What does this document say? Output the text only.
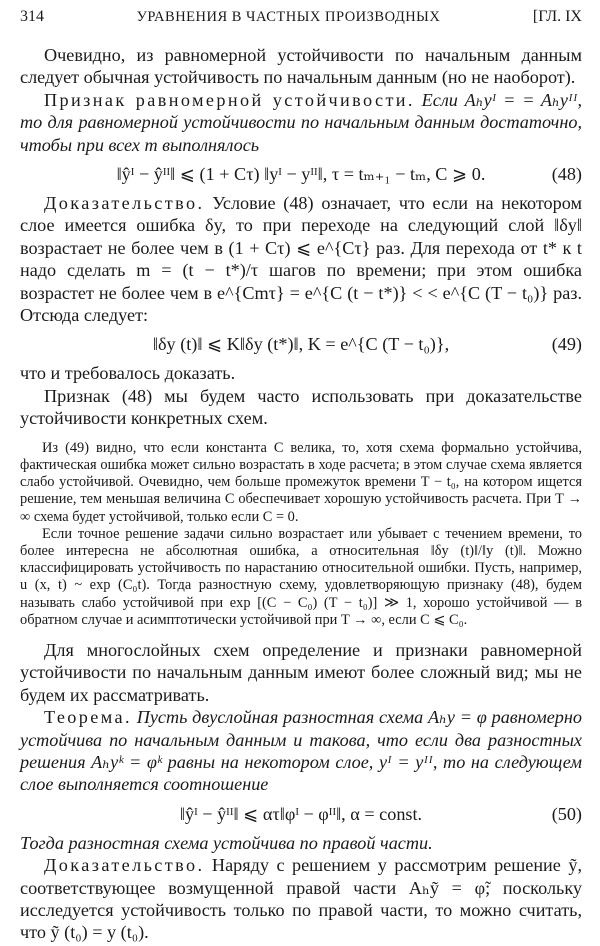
314	УРАВНЕНИЯ В ЧАСТНЫХ ПРОИЗВОДНЫХ	[ГЛ. IX

Очевидно, из равномерной устойчивости по начальным данным следует обычная устойчивость по начальным данным (но не наоборот).

Признак равномерной устойчивости. Если Aₕyᴵ = = Aₕyᴵᴵ, то для равномерной устойчивости по начальным данным достаточно, чтобы при всех m выполнялось

‖ŷᴵ − ŷᴵᴵ‖ ⩽ (1 + Cτ) ‖yᴵ − yᴵᴵ‖, τ = tₘ₊₁ − tₘ, C ⩾ 0.	(48)

Доказательство. Условие (48) означает, что если на некотором слое имеется ошибка δy, то при переходе на следующий слой ‖δy‖ возрастает не более чем в (1 + Cτ) ⩽ e^{Cτ} раз. Для перехода от t* к t надо сделать m = (t − t*)/τ шагов по времени; при этом ошибка возрастет не более чем в e^{Cmτ} = e^{C (t − t*)} < < e^{C (T − t₀)} раз. Отсюда следует:

‖δy (t)‖ ⩽ K‖δy (t*)‖, K = e^{C (T − t₀)},	(49)

что и требовалось доказать.

Признак (48) мы будем часто использовать при доказательстве устойчивости конкретных схем.

Из (49) видно, что если константа C велика, то, хотя схема формально устойчива, фактическая ошибка может сильно возрастать в ходе расчета; в этом случае схема является слабо устойчивой. Очевидно, чем больше промежуток времени T − t₀, на котором ищется решение, тем меньшая величина C обеспечивает хорошую устойчивость расчета. При T → ∞ схема будет устойчивой, только если C = 0.

Если точное решение задачи сильно возрастает или убывает с течением времени, то более интересна не абсолютная ошибка, а относительная ‖δy (t)‖/‖y (t)‖. Можно классифицировать устойчивость по нарастанию относительной ошибки. Пусть, например, u (x, t) ~ exp (C₀t). Тогда разностную схему, удовлетворяющую признаку (48), будем называть слабо устойчивой при exp [(C − C₀) (T − t₀)] ≫ 1, хорошо устойчивой — в обратном случае и асимптотически устойчивой при T → ∞, если C ⩽ C₀.

Для многослойных схем определение и признаки равномерной устойчивости по начальным данным имеют более сложный вид; мы не будем их рассматривать.

Теорема. Пусть двуслойная разностная схема Aₕy = φ равномерно устойчива по начальным данным и такова, что если два разностных решения Aₕyᵏ = φᵏ равны на некотором слое, yᴵ = yᴵᴵ, то на следующем слое выполняется соотношение

‖ŷᴵ − ŷᴵᴵ‖ ⩽ ατ‖φᴵ − φᴵᴵ‖, α = const.	(50)

Тогда разностная схема устойчива по правой части.

Доказательство. Наряду с решением y рассмотрим решение ỹ, соответствующее возмущенной правой части Aₕỹ = φ̃; поскольку исследуется устойчивость только по правой части, то можно считать, что ỹ (t₀) = y (t₀).
